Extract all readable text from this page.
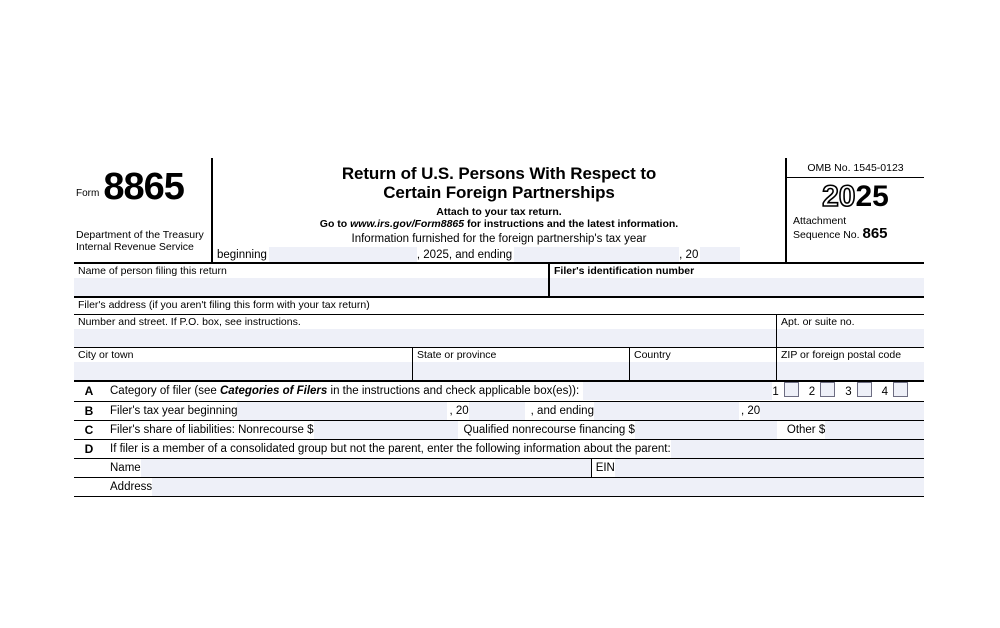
Form 8865
Department of the Treasury
Internal Revenue Service
Return of U.S. Persons With Respect to
Certain Foreign Partnerships
Attach to your tax return.
Go to www.irs.gov/Form8865 for instructions and the latest information.
Information furnished for the foreign partnership's tax year
beginning	, 2025, and ending	, 20
OMB No. 1545-0123
2025
Attachment
Sequence No. 865
Name of person filing this return	Filer's identification number
Filer's address (if you aren't filing this form with your tax return)
Number and street. If P.O. box, see instructions.	Apt. or suite no.
City or town	State or province	Country	ZIP or foreign postal code
A	Category of filer (see Categories of Filers in the instructions and check applicable box(es)):	1	2	3	4
B	Filer's tax year beginning	, 20	, and ending	, 20
C	Filer's share of liabilities: Nonrecourse $	Qualified nonrecourse financing $	Other $
D	If filer is a member of a consolidated group but not the parent, enter the following information about the parent:
Name	EIN
Address
